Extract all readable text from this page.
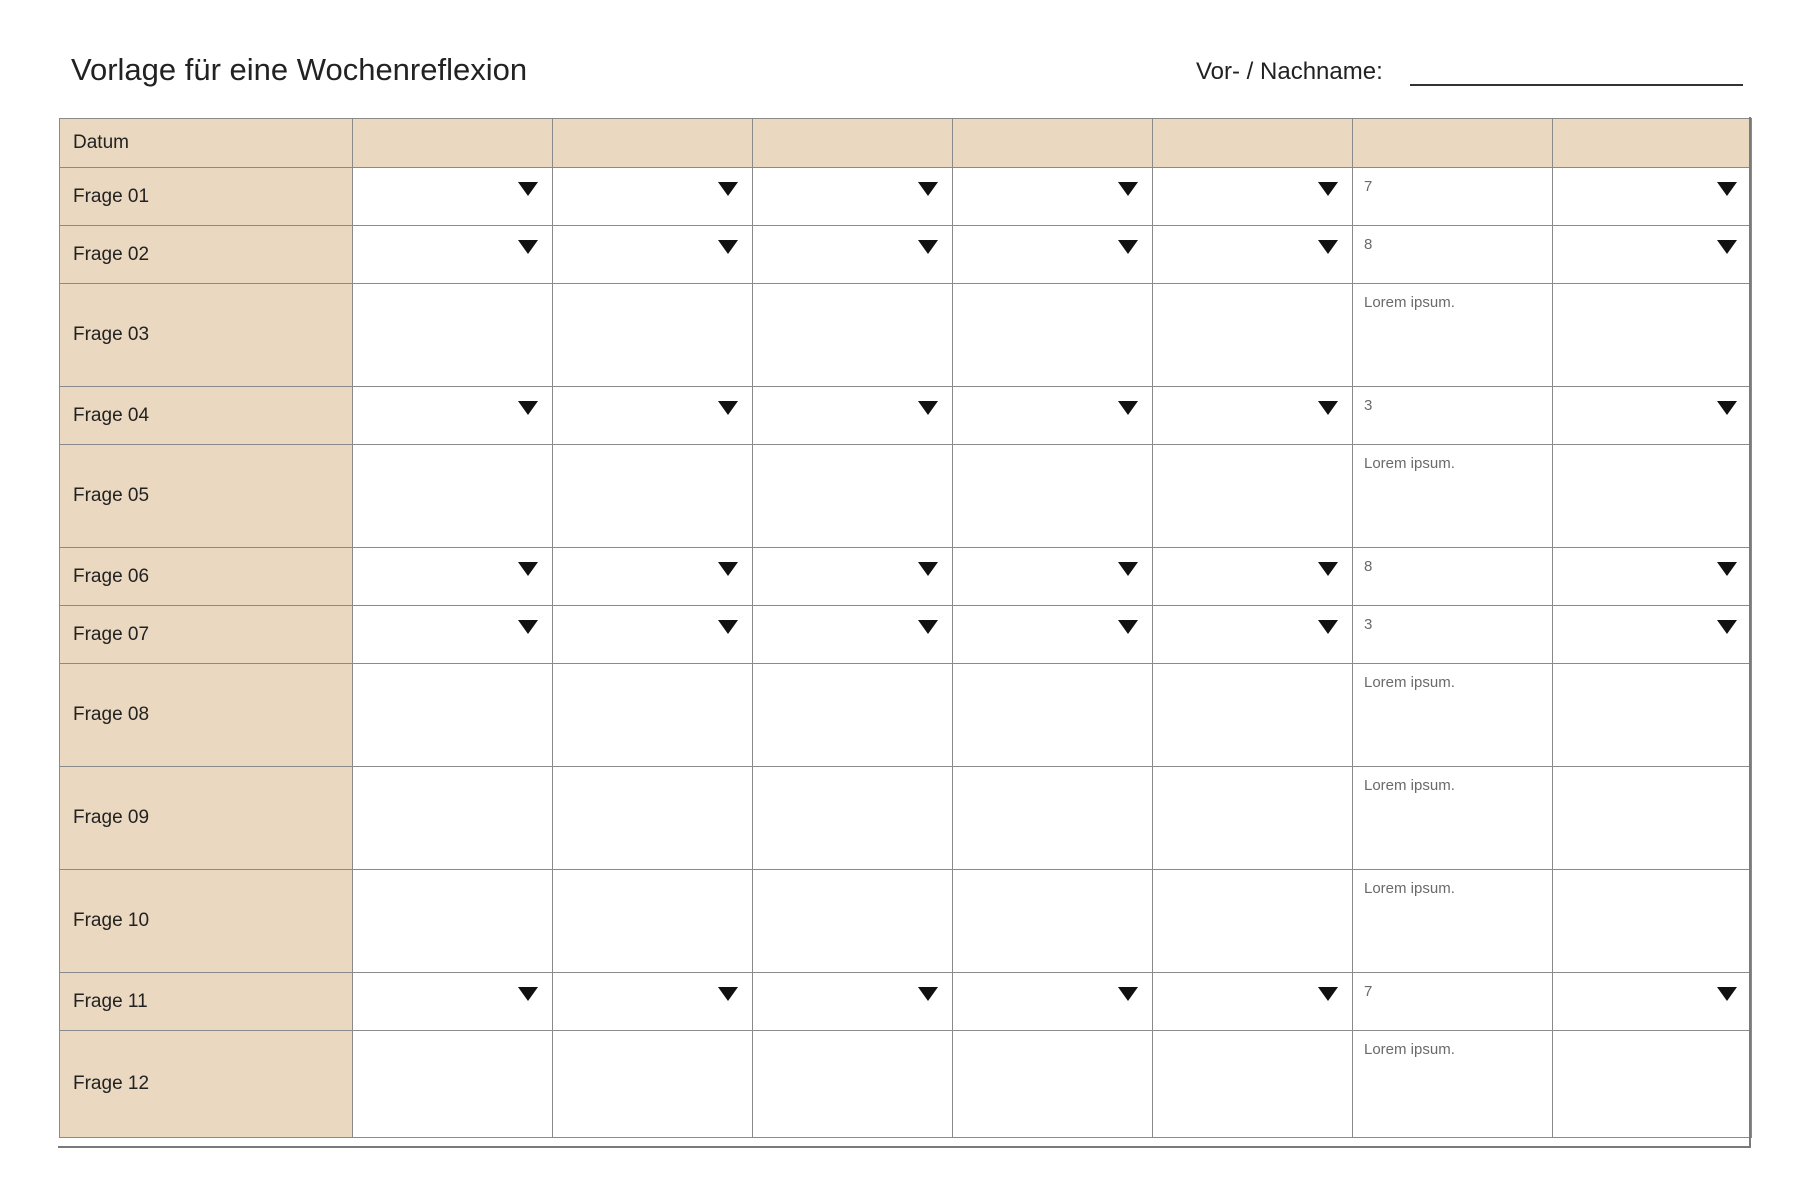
Vorlage für eine Wochenreflexion	Vor- / Nachname:
Datum							
Frage 01						7	

Frage 02						8	

Frage 03						Lorem ipsum.	

Frage 04						3	

Frage 05						Lorem ipsum.	

Frage 06						8	

Frage 07						3	

Frage 08						Lorem ipsum.	

Frage 09						Lorem ipsum.	

Frage 10						Lorem ipsum.	

Frage 11						7	

Frage 12						Lorem ipsum.	
